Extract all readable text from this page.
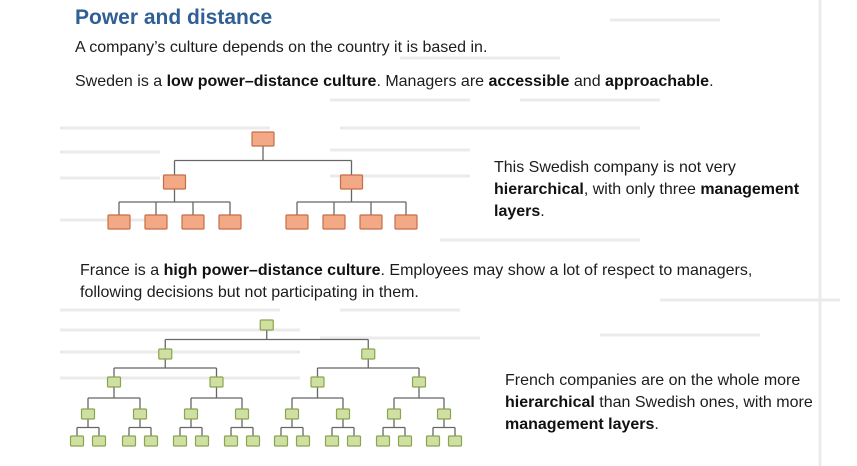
Power and distance

A company’s culture depends on the country it is based in.

Sweden is a low power–distance culture. Managers are accessible and approachable.

This Swedish company is not very

hierarchical, with only three management

layers.

France is a high power–distance culture. Employees may show a lot of respect to managers,

following decisions but not participating in them.

French companies are on the whole more

hierarchical than Swedish ones, with more

management layers.
